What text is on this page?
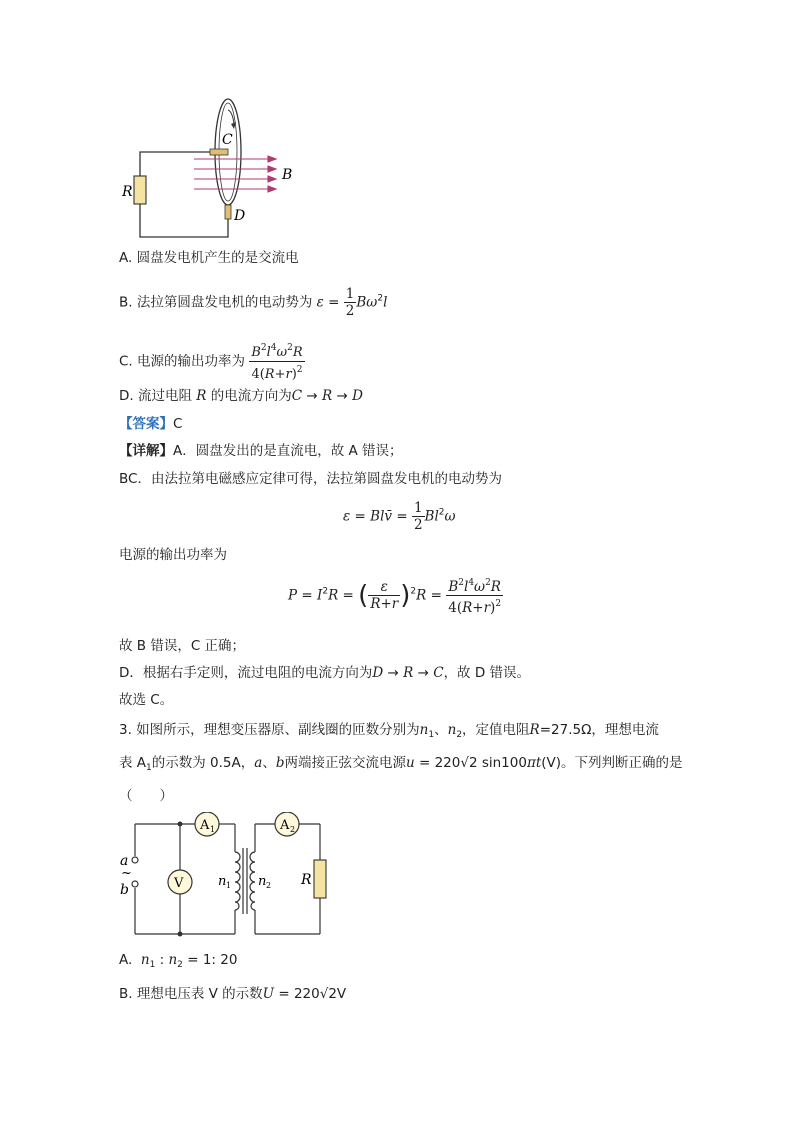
C
B
R
D
A. 圆盘发电机产生的是交流电
B. 法拉第圆盘发电机的电动势为 $\varepsilon = \frac{1}{2} B\omega^2l$
C. 电源的输出功率为 $\frac{B^2l^4\omega^2R}{4(R+r)^2}$
D. 流过电阻 R 的电流方向为C → R → D
【答案】C
【详解】A．圆盘发出的是直流电，故 A 错误；
BC．由法拉第电磁感应定律可得，法拉第圆盘发电机的电动势为
ε = Blv̄ = $\frac{1}{2} Bl^2\omega$
电源的输出功率为
$P = I^2R$ = ( $\frac{\varepsilon}{R+r} )^2R = \frac{B^2l^4\omega^2R}{4(R+r)^2}$
故 B 错误，C 正确；
D．根据右手定则，流过电阻的电流方向为D → R → C，故 D 错误。
故选 C。
3. 如图所示，理想变压器原、副线圈的匝数分别为$n_1$、$n_2$，定值电阻R=27.5Ω，理想电流
表 $A_1$的示数为 0.5A，a、b两端接正弦交流电源u = 220√2 sin100πt(V)。下列判断正确的是
（　　）
A 1	A 2
V
a
~
b
n 1 n 2 R
A. $n_1$ : $n_2 = 1$: 20
B. 理想电压表 V 的示数U = 220√2V
